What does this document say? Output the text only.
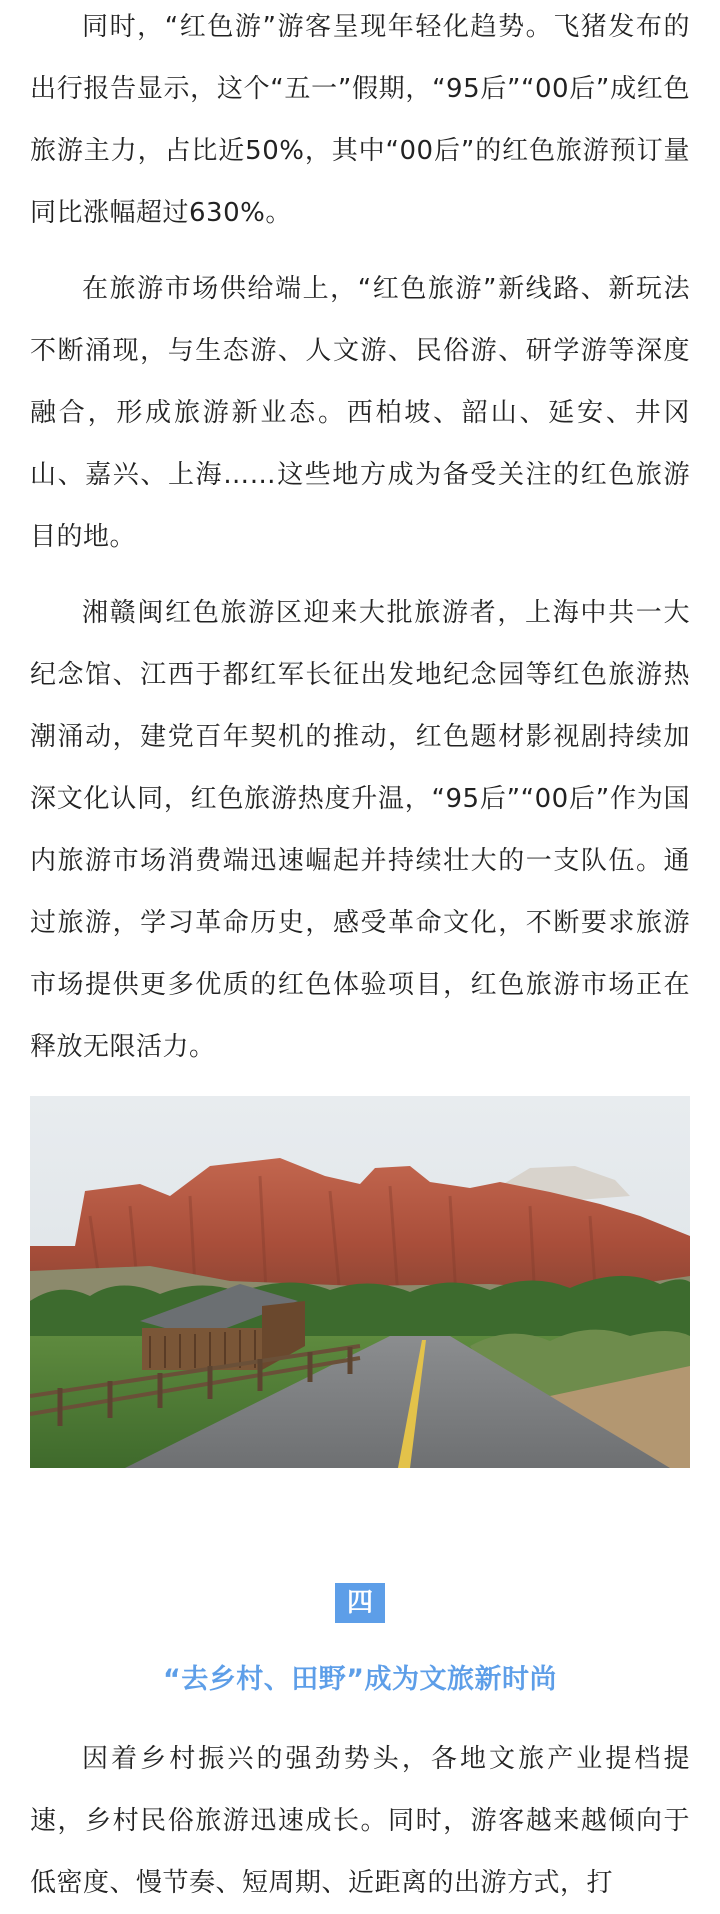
同时，“红色游”游客呈现年轻化趋势。飞猪发布的出行报告显示，这个“五一”假期，“95后”“00后”成红色旅游主力，占比近50%，其中“00后”的红色旅游预订量同比涨幅超过630%。

在旅游市场供给端上，“红色旅游”新线路、新玩法不断涌现，与生态游、人文游、民俗游、研学游等深度融合，形成旅游新业态。西柏坡、韶山、延安、井冈山、嘉兴、上海……这些地方成为备受关注的红色旅游目的地。

湘赣闽红色旅游区迎来大批旅游者，上海中共一大纪念馆、江西于都红军长征出发地纪念园等红色旅游热潮涌动，建党百年契机的推动，红色题材影视剧持续加深文化认同，红色旅游热度升温，“95后”“00后”作为国内旅游市场消费端迅速崛起并持续壮大的一支队伍。通过旅游，学习革命历史，感受革命文化，不断要求旅游市场提供更多优质的红色体验项目，红色旅游市场正在释放无限活力。

四
“去乡村、田野”成为文旅新时尚

因着乡村振兴的强劲势头，各地文旅产业提档提速，乡村民俗旅游迅速成长。同时，游客越来越倾向于低密度、慢节奏、短周期、近距离的出游方式，打
